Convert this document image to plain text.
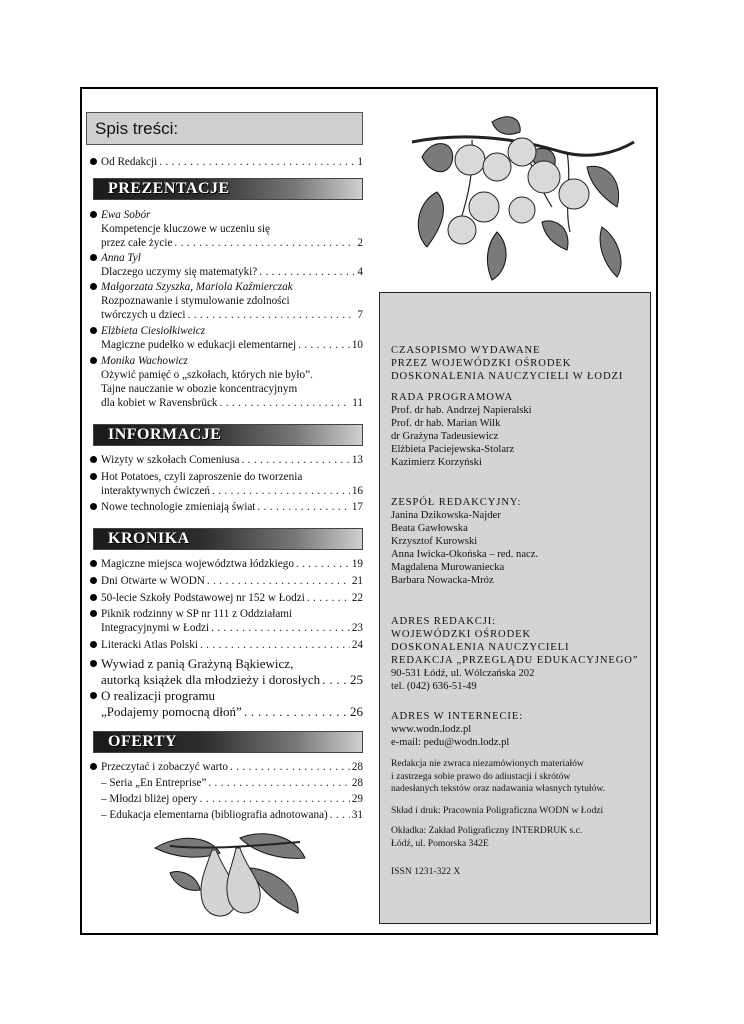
Spis treści:
Od Redakcji . . .	1
PREZENTACJE
Ewa Sobór
Kompetencje kluczowe w uczeniu się
przez całe życie . . .	2
Anna Tyl
Dlaczego uczymy się matematyki? . . .	4
Małgorzata Szyszka, Mariola Kaźmierczak
Rozpoznawanie i stymulowanie zdolności
twórczych u dzieci . . .	7
Elżbieta Ciesiołkiweicz
Magiczne pudełko w edukacji elementarnej . . .	10
Monika Wachowicz
Ożywić pamięć o „szkołach, których nie było”.
Tajne nauczanie w obozie koncentracyjnym
dla kobiet w Ravensbrück . . .	11
INFORMACJE
Wizyty w szkołach Comeniusa . . .	13
Hot Potatoes, czyli zaproszenie do tworzenia
interaktywnych ćwiczeń . . .	16
Nowe technologie zmieniają świat . . .	17
KRONIKA
Magiczne miejsca województwa łódzkiego . . .	19
Dni Otwarte w WODN . . .	21
50-lecie Szkoły Podstawowej nr 152 w Łodzi . . .	22
Piknik rodzinny w SP nr 111 z Oddziałami
Integracyjnymi w Łodzi . . .	23
Literacki Atlas Polski . . .	24
Wywiad z panią Grażyną Bąkiewicz,
autorką książek dla młodzieży i dorosłych . . . 25
O realizacji programu
„Podajemy pomocną dłoń” . . .	26
OFERTY
Przeczytać i zobaczyć warto . . .	28
– Seria „En Entreprise” . . .	28
– Młodzi bliżej opery . . .	29
– Edukacja elementarna (bibliografia adnotowana) . . . 31
CZASOPISMO WYDAWANE
PRZEZ WOJEWÓDZKI OŚRODEK
DOSKONALENIA NAUCZYCIELI W ŁODZI
RADA PROGRAMOWA
Prof. dr hab. Andrzej Napieralski
Prof. dr hab. Marian Wilk
dr Grażyna Tadeusiewicz
Elżbieta Paciejewska-Stolarz
Kazimierz Korzyński
ZESPÓŁ REDAKCYJNY:
Janina Dzikowska-Najder
Beata Gawłowska
Krzysztof Kurowski
Anna Iwicka-Okońska – red. nacz.
Magdalena Murowaniecka
Barbara Nowacka-Mróz
ADRES REDAKCJI:
WOJEWÓDZKI OŚRODEK
DOSKONALENIA NAUCZYCIELI
REDAKCJA „PRZEGLĄDU EDUKACYJNEGO”
90-531 Łódź, ul. Wólczańska 202
tel. (042) 636-51-49
ADRES W INTERNECIE:
www.wodn.lodz.pl
e-mail: pedu@wodn.lodz.pl
Redakcja nie zwraca niezamówionych materiałów
i zastrzega sobie prawo do adiustacji i skrótów
nadesłanych tekstów oraz nadawania własnych tytułów.
Skład i druk: Pracownia Poligraficzna WODN w Łodzi
Okładka: Zakład Poligraficzny INTERDRUK s.c.
Łódź, ul. Pomorska 342E
ISSN 1231-322 X
